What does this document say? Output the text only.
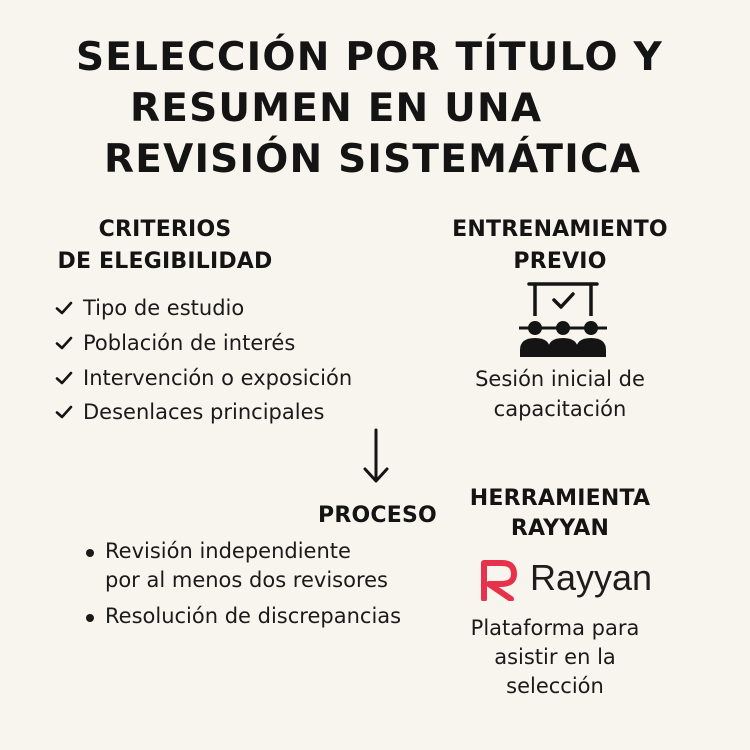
SELECCIÓN POR TÍTULO Y
RESUMEN EN UNA
REVISIÓN SISTEMÁTICA
CRITERIOS
DE ELEGIBILIDAD
Tipo de estudio
Población de interés
Intervención o exposición
Desenlaces principales
ENTRENAMIENTO
PREVIO
Sesión inicial de
capacitación
PROCESO
Revisión independiente
por al menos dos revisores
Resolución de discrepancias
HERRAMIENTA
RAYYAN
Rayyan
Plataforma para
asistir en la
selección
